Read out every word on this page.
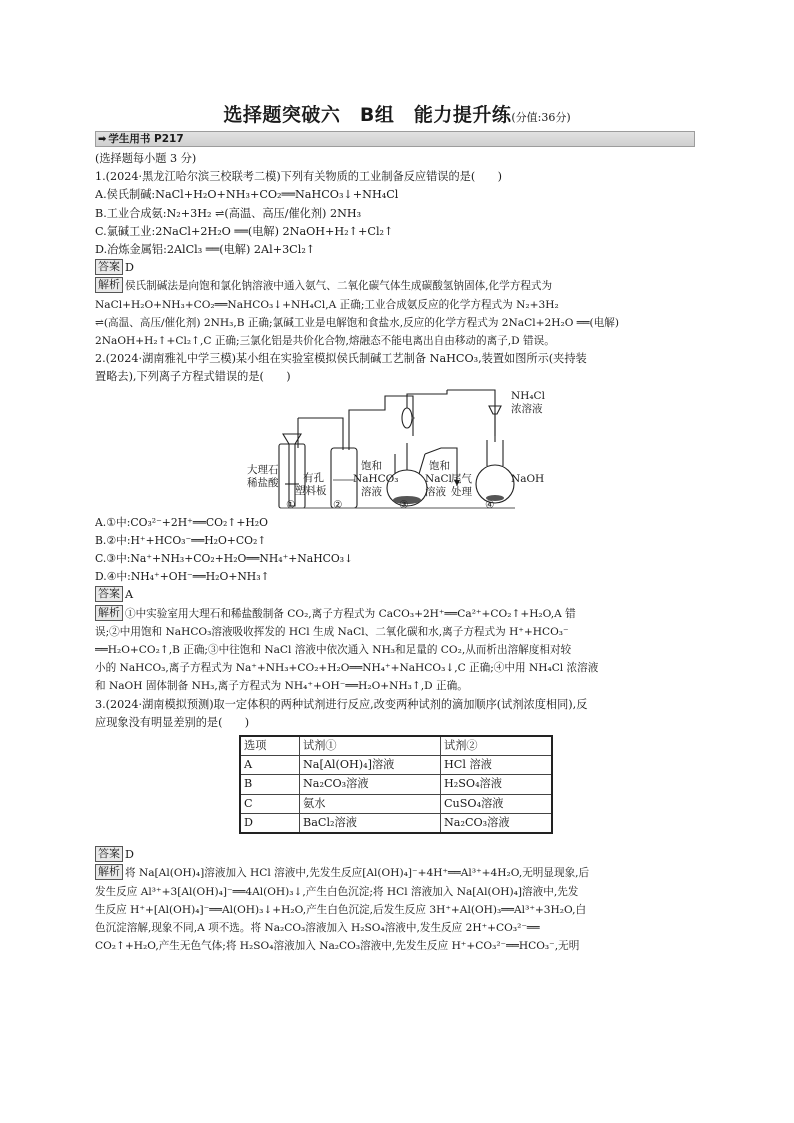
选择题突破六　B组　能力提升练(分值:36分)
➡ 学生用书 P217
(选择题每小题 3 分)
1.(2024·黑龙江哈尔滨三校联考二模)下列有关物质的工业制备反应错误的是(　　)
A.侯氏制碱:NaCl+H₂O+NH₃+CO₂══NaHCO₃↓+NH₄Cl
B.工业合成氨:N₂+3H₂ ⇌(高温、高压/催化剂) 2NH₃
C.氯碱工业:2NaCl+2H₂O ══(电解) 2NaOH+H₂↑+Cl₂↑
D.冶炼金属铝:2AlCl₃ ══(电解) 2Al+3Cl₂↑
答案 D
解析 侯氏制碱法是向饱和氯化钠溶液中通入氨气、二氧化碳气体生成碳酸氢钠固体,化学方程式为
NaCl+H₂O+NH₃+CO₂══NaHCO₃↓+NH₄Cl,A 正确;工业合成氨反应的化学方程式为 N₂+3H₂
⇌(高温、高压/催化剂) 2NH₃,B 正确;氯碱工业是电解饱和食盐水,反应的化学方程式为 2NaCl+2H₂O ══(电解)
2NaOH+H₂↑+Cl₂↑,C 正确;三氯化铝是共价化合物,熔融态不能电离出自由移动的离子,D 错误。
2.(2024·湖南雅礼中学三模)某小组在实验室模拟侯氏制碱工艺制备 NaHCO₃,装置如图所示(夹持装
置略去),下列离子方程式错误的是(　　)
大理石
稀盐酸 有孔
塑料板
饱和
NaHCO₃
溶液
饱和
NaCl
溶液
尾气
处理
NH₄Cl
浓溶液
NaOH
①	②	③	④
A.①中:CO₃²⁻+2H⁺══CO₂↑+H₂O
B.②中:H⁺+HCO₃⁻══H₂O+CO₂↑
C.③中:Na⁺+NH₃+CO₂+H₂O══NH₄⁺+NaHCO₃↓
D.④中:NH₄⁺+OH⁻══H₂O+NH₃↑
答案 A
解析 ①中实验室用大理石和稀盐酸制备 CO₂,离子方程式为 CaCO₃+2H⁺══Ca²⁺+CO₂↑+H₂O,A 错
误;②中用饱和 NaHCO₃溶液吸收挥发的 HCl 生成 NaCl、二氧化碳和水,离子方程式为 H⁺+HCO₃⁻
══H₂O+CO₂↑,B 正确;③中往饱和 NaCl 溶液中依次通入 NH₃和足量的 CO₂,从而析出溶解度相对较
小的 NaHCO₃,离子方程式为 Na⁺+NH₃+CO₂+H₂O══NH₄⁺+NaHCO₃↓,C 正确;④中用 NH₄Cl 浓溶液
和 NaOH 固体制备 NH₃,离子方程式为 NH₄⁺+OH⁻══H₂O+NH₃↑,D 正确。
3.(2024·湖南模拟预测)取一定体积的两种试剂进行反应,改变两种试剂的滴加顺序(试剂浓度相同),反
应现象没有明显差别的是(　　)
选项	试剂①	试剂②
A	Na[Al(OH)₄]溶液	HCl 溶液
B	Na₂CO₃溶液	H₂SO₄溶液
C	氨水	CuSO₄溶液
D	BaCl₂溶液	Na₂CO₃溶液
答案 D
解析 将 Na[Al(OH)₄]溶液加入 HCl 溶液中,先发生反应[Al(OH)₄]⁻+4H⁺══Al³⁺+4H₂O,无明显现象,后
发生反应 Al³⁺+3[Al(OH)₄]⁻══4Al(OH)₃↓,产生白色沉淀;将 HCl 溶液加入 Na[Al(OH)₄]溶液中,先发
生反应 H⁺+[Al(OH)₄]⁻══Al(OH)₃↓+H₂O,产生白色沉淀,后发生反应 3H⁺+Al(OH)₃══Al³⁺+3H₂O,白
色沉淀溶解,现象不同,A 项不选。将 Na₂CO₃溶液加入 H₂SO₄溶液中,发生反应 2H⁺+CO₃²⁻══
CO₂↑+H₂O,产生无色气体;将 H₂SO₄溶液加入 Na₂CO₃溶液中,先发生反应 H⁺+CO₃²⁻══HCO₃⁻,无明
